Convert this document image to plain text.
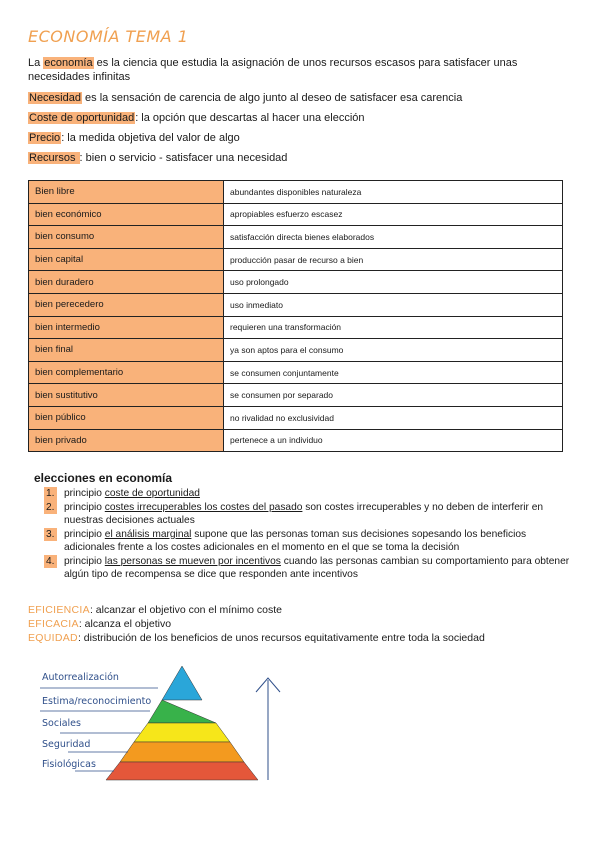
ECONOMÍA TEMA 1
La economía es la ciencia que estudia la asignación de unos recursos escasos para satisfacer unas necesidades infinitas
Necesidad es la sensación de carencia de algo junto al deseo de satisfacer esa carencia
Coste de oportunidad: la opción que descartas al hacer una elección
Precio: la medida objetiva del valor de algo
Recursos : bien o servicio - satisfacer una necesidad
Bien libre	abundantes disponibles naturaleza
bien económico	apropiables esfuerzo escasez
bien consumo	satisfacción directa bienes elaborados
bien capital	producción pasar de recurso a bien
bien duradero	uso prolongado
bien perecedero	uso inmediato
bien intermedio	requieren una transformación
bien final	ya son aptos para el consumo
bien complementario	se consumen conjuntamente
bien sustitutivo	se consumen por separado
bien público	no rivalidad no exclusividad
bien privado	pertenece a un individuo
elecciones en economía

1. principio coste de oportunidad

2. principio costes irrecuperables los costes del pasado son costes irrecuperables y no deben de interferir en nuestras decisiones actuales

3. principio el análisis marginal supone que las personas toman sus decisiones sopesando los beneficios adicionales frente a los costes adicionales en el momento en el que se toma la decisión

4. principio las personas se mueven por incentivos cuando las personas cambian su comportamiento para obtener algún tipo de recompensa se dice que responden ante incentivos

EFICIENCIA: alcanzar el objetivo con el mínimo coste
EFICACIA: alcanza el objetivo
EQUIDAD: distribución de los beneficios de unos recursos equitativamente entre toda la sociedad
Autorrealización
Estima/reconocimiento
Sociales
Seguridad
Fisiológicas
